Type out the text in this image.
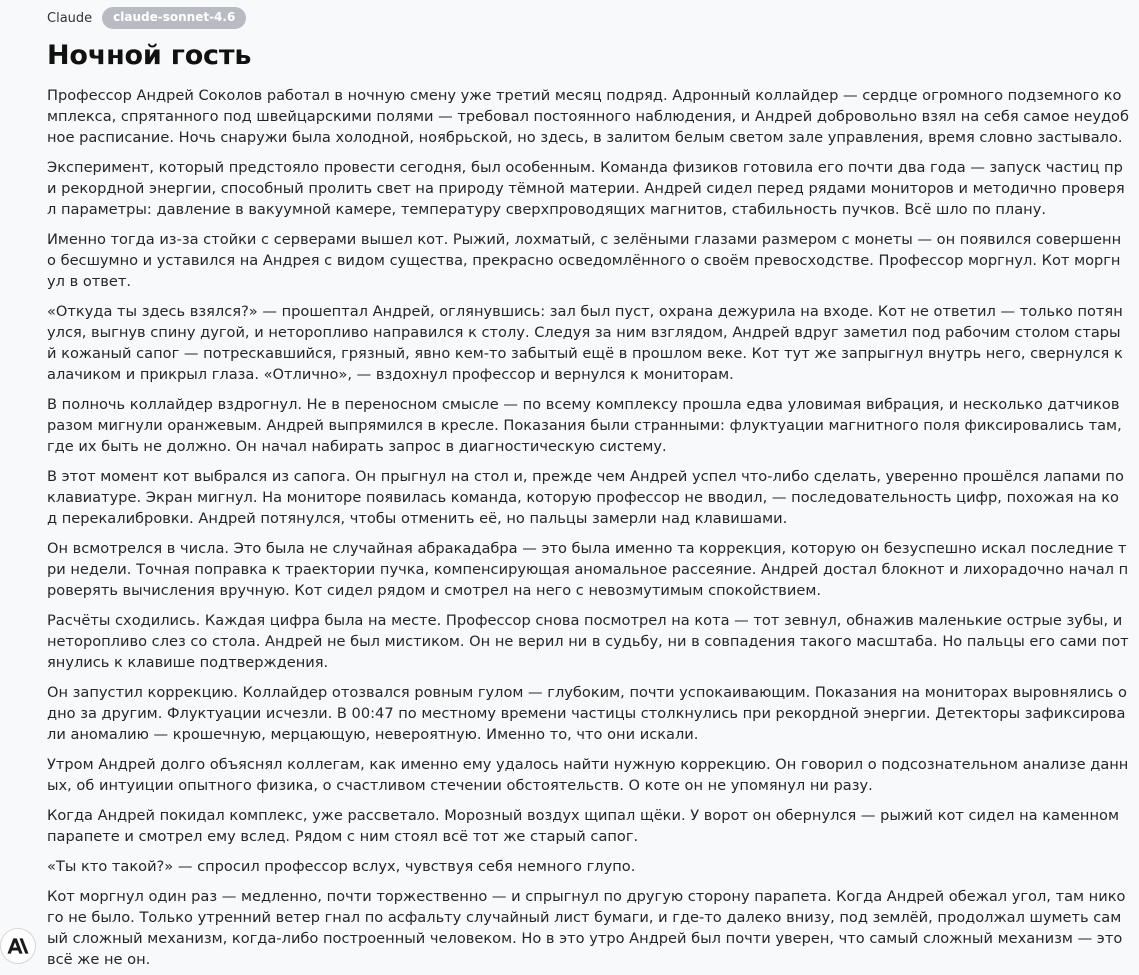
Claude	claude-sonnet-4.6
Ночной гость

Профессор Андрей Соколов работал в ночную смену уже третий месяц подряд. Адронный коллайдер — сердце огромного подземного комплекса, спрятанного под швейцарскими полями — требовал постоянного наблюдения, и Андрей добровольно взял на себя самое неудобное расписание. Ночь снаружи была холодной, ноябрьской, но здесь, в залитом белым светом зале управления, время словно застывало.

Эксперимент, который предстояло провести сегодня, был особенным. Команда физиков готовила его почти два года — запуск частиц при рекордной энергии, способный пролить свет на природу тёмной материи. Андрей сидел перед рядами мониторов и методично проверял параметры: давление в вакуумной камере, температуру сверхпроводящих магнитов, стабильность пучков. Всё шло по плану.

Именно тогда из-за стойки с серверами вышел кот. Рыжий, лохматый, с зелёными глазами размером с монеты — он появился совершенно бесшумно и уставился на Андрея с видом существа, прекрасно осведомлённого о своём превосходстве. Профессор моргнул. Кот моргнул в ответ.

«Откуда ты здесь взялся?» — прошептал Андрей, оглянувшись: зал был пуст, охрана дежурила на входе. Кот не ответил — только потянулся, выгнув спину дугой, и неторопливо направился к столу. Следуя за ним взглядом, Андрей вдруг заметил под рабочим столом старый кожаный сапог — потрескавшийся, грязный, явно кем-то забытый ещё в прошлом веке. Кот тут же запрыгнул внутрь него, свернулся калачиком и прикрыл глаза. «Отлично», — вздохнул профессор и вернулся к мониторам.

В полночь коллайдер вздрогнул. Не в переносном смысле — по всему комплексу прошла едва уловимая вибрация, и несколько датчиков разом мигнули оранжевым. Андрей выпрямился в кресле. Показания были странными: флуктуации магнитного поля фиксировались там, где их быть не должно. Он начал набирать запрос в диагностическую систему.

В этот момент кот выбрался из сапога. Он прыгнул на стол и, прежде чем Андрей успел что-либо сделать, уверенно прошёлся лапами по клавиатуре. Экран мигнул. На мониторе появилась команда, которую профессор не вводил, — последовательность цифр, похожая на код перекалибровки. Андрей потянулся, чтобы отменить её, но пальцы замерли над клавишами.

Он всмотрелся в числа. Это была не случайная абракадабра — это была именно та коррекция, которую он безуспешно искал последние три недели. Точная поправка к траектории пучка, компенсирующая аномальное рассеяние. Андрей достал блокнот и лихорадочно начал проверять вычисления вручную. Кот сидел рядом и смотрел на него с невозмутимым спокойствием.

Расчёты сходились. Каждая цифра была на месте. Профессор снова посмотрел на кота — тот зевнул, обнажив маленькие острые зубы, и неторопливо слез со стола. Андрей не был мистиком. Он не верил ни в судьбу, ни в совпадения такого масштаба. Но пальцы его сами потянулись к клавише подтверждения.

Он запустил коррекцию. Коллайдер отозвался ровным гулом — глубоким, почти успокаивающим. Показания на мониторах выровнялись одно за другим. Флуктуации исчезли. В 00:47 по местному времени частицы столкнулись при рекордной энергии. Детекторы зафиксировали аномалию — крошечную, мерцающую, невероятную. Именно то, что они искали.

Утром Андрей долго объяснял коллегам, как именно ему удалось найти нужную коррекцию. Он говорил о подсознательном анализе данных, об интуиции опытного физика, о счастливом стечении обстоятельств. О коте он не упомянул ни разу.

Когда Андрей покидал комплекс, уже рассветало. Морозный воздух щипал щёки. У ворот он обернулся — рыжий кот сидел на каменном парапете и смотрел ему вслед. Рядом с ним стоял всё тот же старый сапог.

«Ты кто такой?» — спросил профессор вслух, чувствуя себя немного глупо.

Кот моргнул один раз — медленно, почти торжественно — и спрыгнул по другую сторону парапета. Когда Андрей обежал угол, там никого не было. Только утренний ветер гнал по асфальту случайный лист бумаги, и где-то далеко внизу, под землёй, продолжал шуметь самый сложный механизм, когда-либо построенный человеком. Но в это утро Андрей был почти уверен, что самый сложный механизм — это всё же не он.
